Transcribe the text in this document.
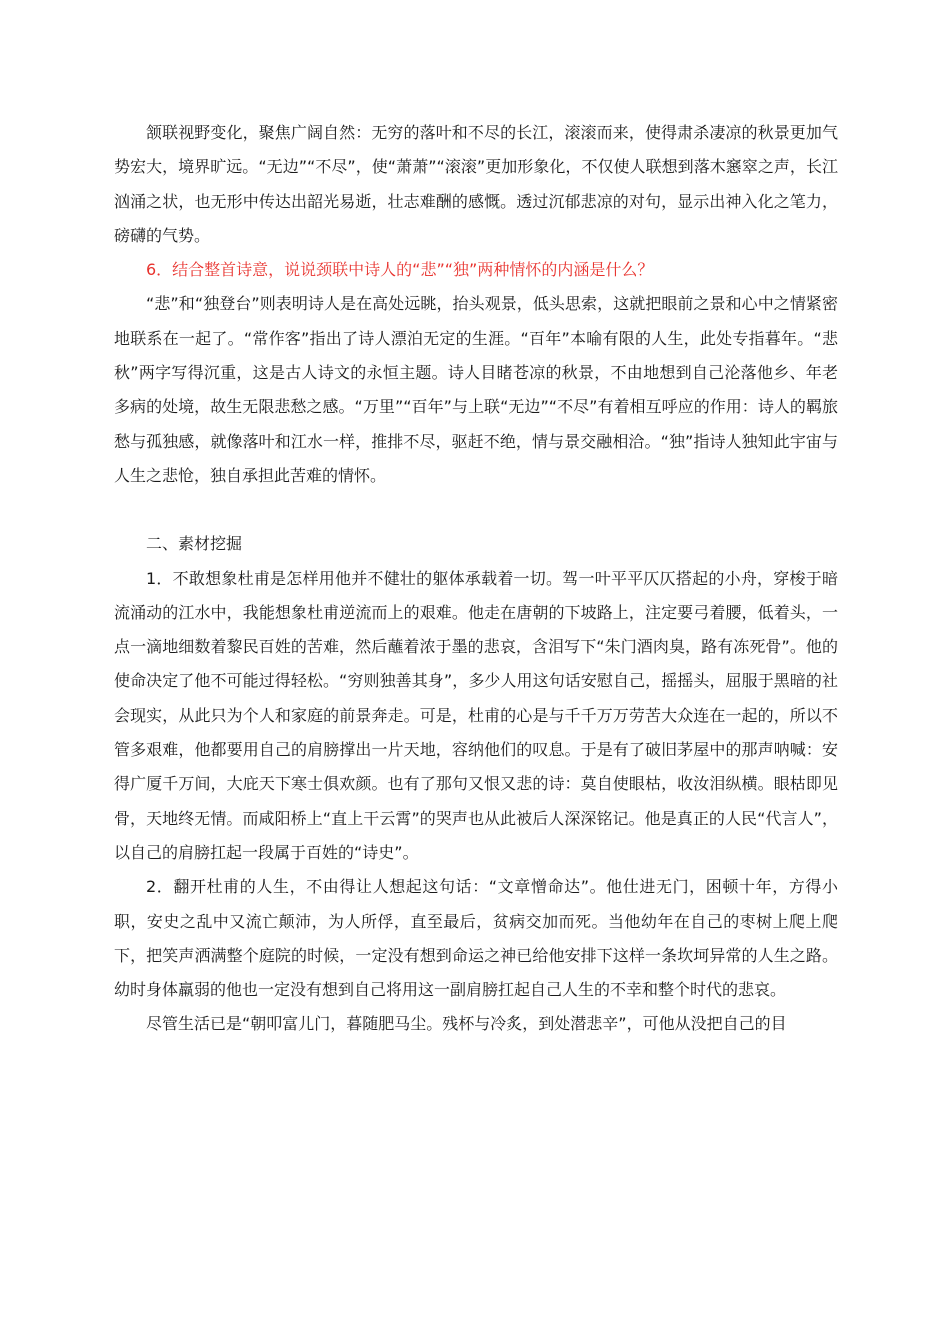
颔联视野变化，聚焦广阔自然：无穷的落叶和不尽的长江，滚滚而来，使得肃杀凄凉的秋景更加气势宏大，境界旷远。“无边”“不尽”，使“萧萧”“滚滚”更加形象化，不仅使人联想到落木窸窣之声，长江汹涌之状，也无形中传达出韶光易逝，壮志难酬的感慨。透过沉郁悲凉的对句，显示出神入化之笔力，磅礴的气势。

6．结合整首诗意，说说颈联中诗人的“悲”“独”两种情怀的内涵是什么？

“悲”和“独登台”则表明诗人是在高处远眺，抬头观景，低头思索，这就把眼前之景和心中之情紧密地联系在一起了。“常作客”指出了诗人漂泊无定的生涯。“百年”本喻有限的人生，此处专指暮年。“悲秋”两字写得沉重，这是古人诗文的永恒主题。诗人目睹苍凉的秋景，不由地想到自己沦落他乡、年老多病的处境，故生无限悲愁之感。“万里”“百年”与上联“无边”“不尽”有着相互呼应的作用：诗人的羁旅愁与孤独感，就像落叶和江水一样，推排不尽，驱赶不绝，情与景交融相洽。“独”指诗人独知此宇宙与人生之悲怆，独自承担此苦难的情怀。

二、素材挖掘

1．不敢想象杜甫是怎样用他并不健壮的躯体承载着一切。驾一叶平平仄仄搭起的小舟，穿梭于暗流涌动的江水中，我能想象杜甫逆流而上的艰难。他走在唐朝的下坡路上，注定要弓着腰，低着头，一点一滴地细数着黎民百姓的苦难，然后蘸着浓于墨的悲哀，含泪写下“朱门酒肉臭，路有冻死骨”。他的使命决定了他不可能过得轻松。“穷则独善其身”，多少人用这句话安慰自己，摇摇头，屈服于黑暗的社会现实，从此只为个人和家庭的前景奔走。可是，杜甫的心是与千千万万劳苦大众连在一起的，所以不管多艰难，他都要用自己的肩膀撑出一片天地，容纳他们的叹息。于是有了破旧茅屋中的那声呐喊：安得广厦千万间，大庇天下寒士俱欢颜。也有了那句又恨又悲的诗：莫自使眼枯，收汝泪纵横。眼枯即见骨，天地终无情。而咸阳桥上“直上干云霄”的哭声也从此被后人深深铭记。他是真正的人民“代言人”，以自己的肩膀扛起一段属于百姓的“诗史”。

2．翻开杜甫的人生，不由得让人想起这句话：“文章憎命达”。他仕进无门，困顿十年，方得小职，安史之乱中又流亡颠沛，为人所俘，直至最后，贫病交加而死。当他幼年在自己的枣树上爬上爬下，把笑声洒满整个庭院的时候，一定没有想到命运之神已给他安排下这样一条坎坷异常的人生之路。幼时身体羸弱的他也一定没有想到自己将用这一副肩膀扛起自己人生的不幸和整个时代的悲哀。

尽管生活已是“朝叩富儿门，暮随肥马尘。残杯与冷炙，到处潜悲辛”，可他从没把自己的目
